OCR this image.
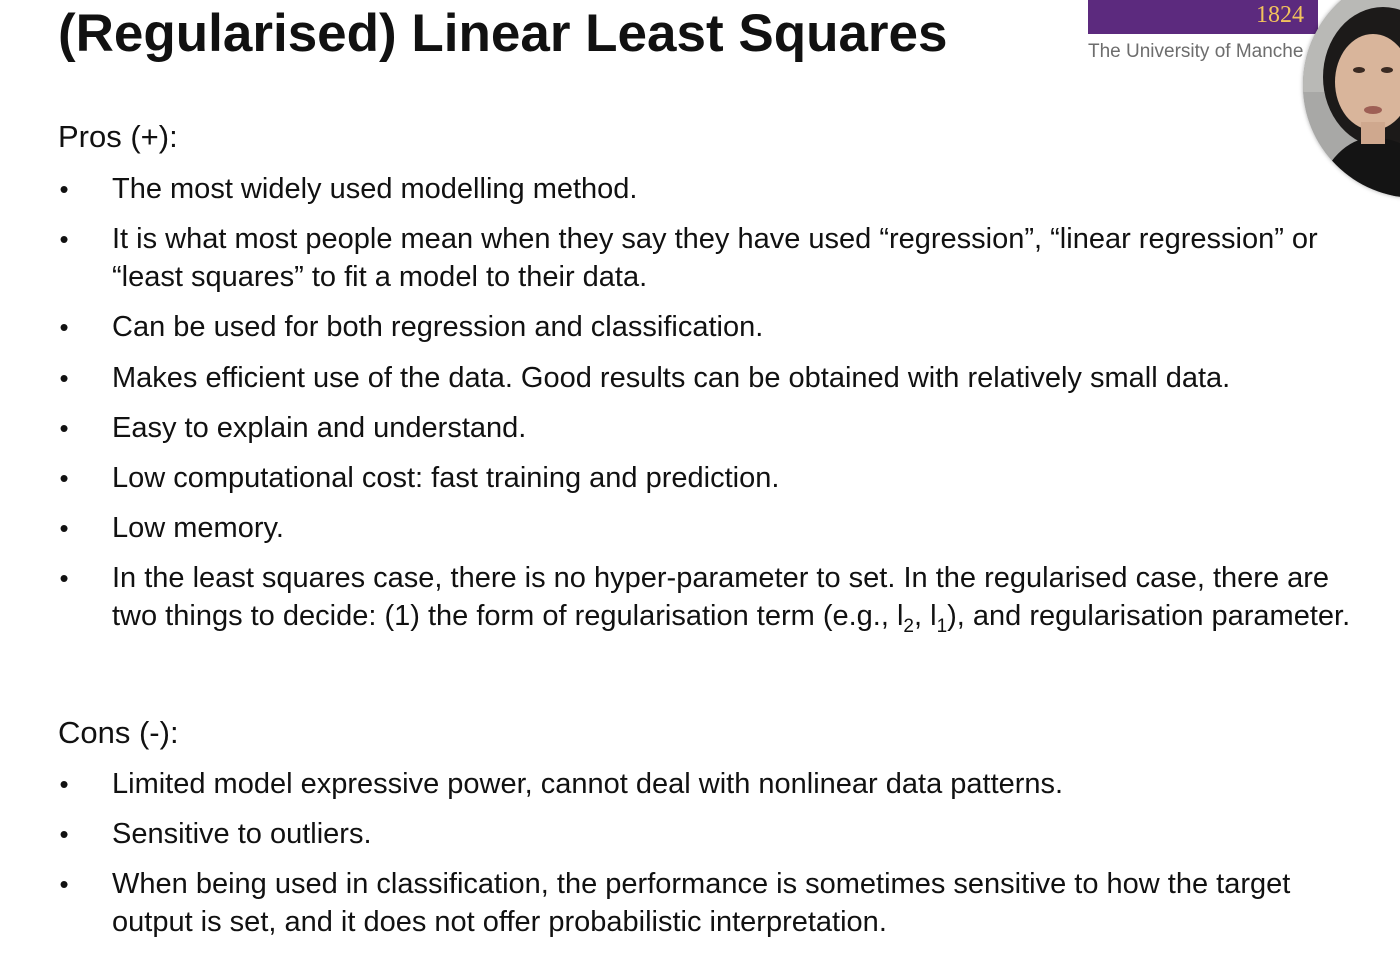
(Regularised) Linear Least Squares	1824
The University of Manche
Pros (+):
• The most widely used modelling method.
• It is what most people mean when they say they have used “regression”, “linear regression” or “least squares” to fit a model to their data.
• Can be used for both regression and classification.
• Makes efficient use of the data. Good results can be obtained with relatively small data.
• Easy to explain and understand.
• Low computational cost: fast training and prediction.
• Low memory.
• In the least squares case, there is no hyper-parameter to set. In the regularised case, there are two things to decide: (1) the form of regularisation term (e.g., $l_2$, $l_1$), and regularisation parameter.
Cons (-):
• Limited model expressive power, cannot deal with nonlinear data patterns.
• Sensitive to outliers.
• When being used in classification, the performance is sometimes sensitive to how the target output is set, and it does not offer probabilistic interpretation.
